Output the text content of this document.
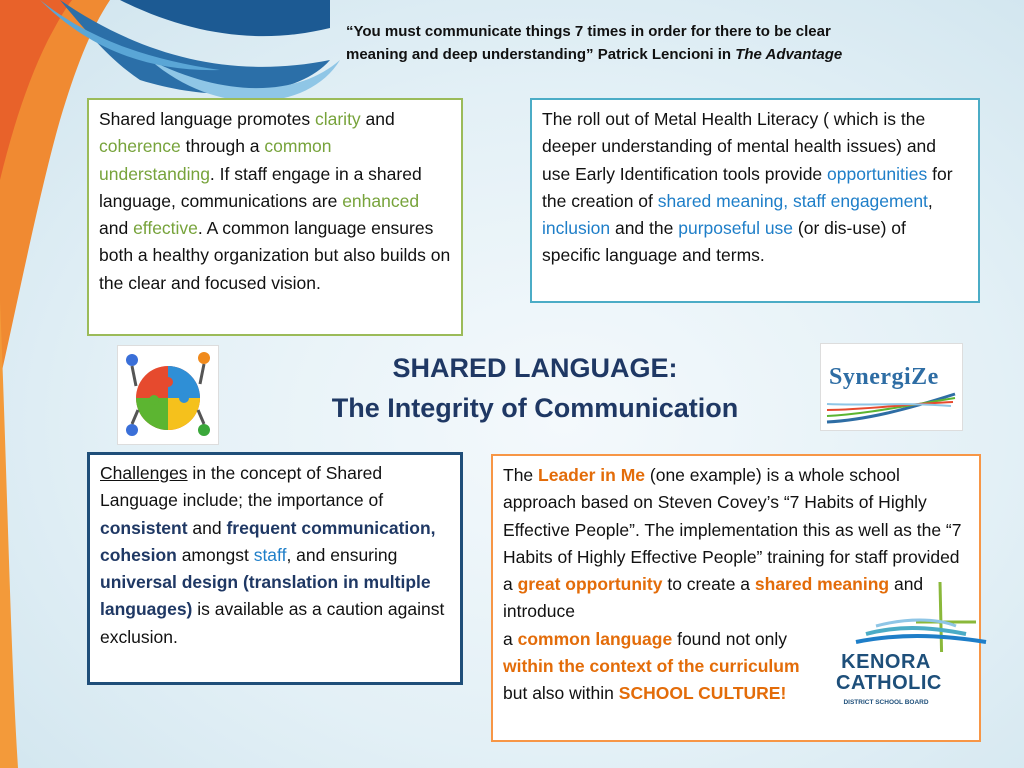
“You must communicate things 7 times in order for there to be clear
meaning and deep understanding” Patrick Lencioni in The Advantage
Shared language promotes clarity and coherence through a common understanding. If staff engage in a shared language, communications are enhanced and effective. A common language ensures both a healthy organization but also builds on the clear and focused vision.
The roll out of Metal Health Literacy ( which is the deeper understanding of mental health issues) and use Early Identification tools provide opportunities for the creation of shared meaning, staff engagement, inclusion and the purposeful use (or dis-use) of specific language and terms.
SHARED LANGUAGE:
The Integrity of Communication
SynergiZe
Challenges in the concept of Shared Language include; the importance of consistent and frequent communication, cohesion amongst staff, and ensuring universal design (translation in multiple languages) is available as a caution against exclusion.
The Leader in Me (one example) is a whole school approach based on Steven Covey’s “7 Habits of Highly Effective People”. The implementation this as well as the “7 Habits of Highly Effective People” training for staff provided a great opportunity to create a shared meaning and introduce
a common language found not only
within the context of the curriculum
but also within SCHOOL CULTURE!
KENORA
CATHOLIC
DISTRICT SCHOOL BOARD
